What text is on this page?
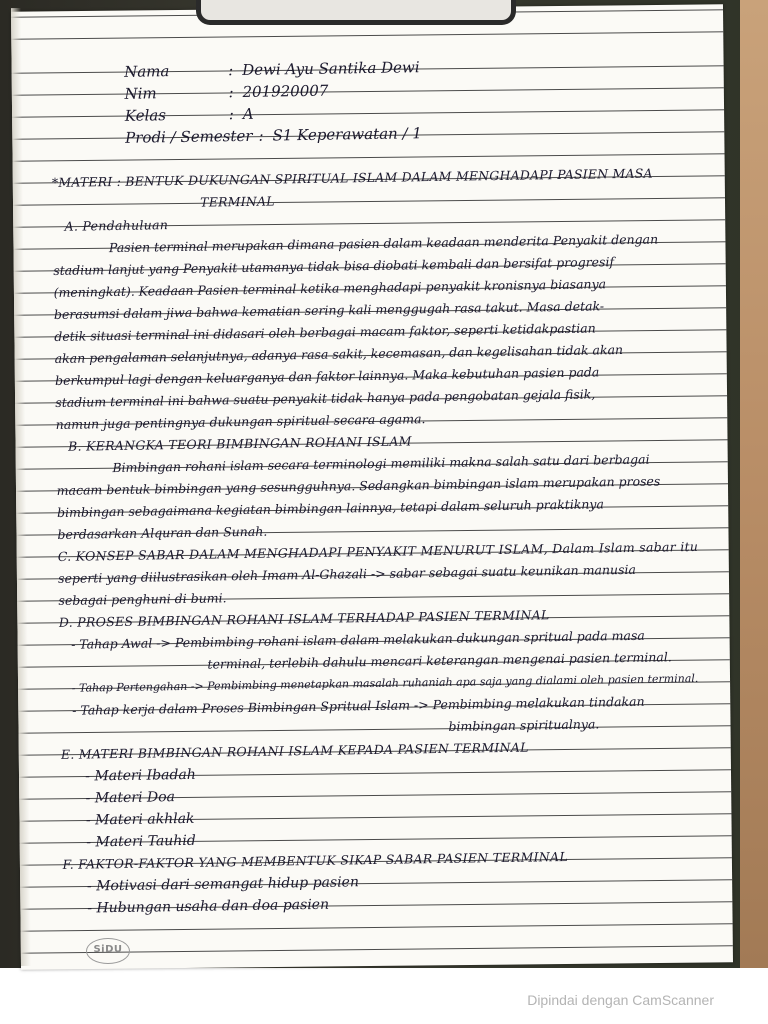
Nama	: Dewi Ayu Santika Dewi
Nim	: 201920007
Kelas	: A
Prodi / Semester : S1 Keperawatan / 1
*MATERI : BENTUK DUKUNGAN SPIRITUAL ISLAM DALAM MENGHADAPI PASIEN MASA
TERMINAL
A. Pendahuluan
Pasien terminal merupakan dimana pasien dalam keadaan menderita Penyakit dengan
stadium lanjut yang Penyakit utamanya tidak bisa diobati kembali dan bersifat progresif
(meningkat). Keadaan Pasien terminal ketika menghadapi penyakit kronisnya biasanya
berasumsi dalam jiwa bahwa kematian sering kali menggugah rasa takut. Masa detak-
detik situasi terminal ini didasari oleh berbagai macam faktor, seperti ketidakpastian
akan pengalaman selanjutnya, adanya rasa sakit, kecemasan, dan kegelisahan tidak akan
berkumpul lagi dengan keluarganya dan faktor lainnya. Maka kebutuhan pasien pada
stadium terminal ini bahwa suatu penyakit tidak hanya pada pengobatan gejala fisik,
namun juga pentingnya dukungan spiritual secara agama.
B. KERANGKA TEORI BIMBINGAN ROHANI ISLAM
Bimbingan rohani islam secara terminologi memiliki makna salah satu dari berbagai
macam bentuk bimbingan yang sesungguhnya. Sedangkan bimbingan islam merupakan proses
bimbingan sebagaimana kegiatan bimbingan lainnya, tetapi dalam seluruh praktiknya
berdasarkan Alquran dan Sunah.
C. KONSEP SABAR DALAM MENGHADAPI PENYAKIT MENURUT ISLAM, Dalam Islam sabar itu
seperti yang diilustrasikan oleh Imam Al-Ghazali -> sabar sebagai suatu keunikan manusia
sebagai penghuni di bumi.
D. PROSES BIMBINGAN ROHANI ISLAM TERHADAP PASIEN TERMINAL
- Tahap Awal -> Pembimbing rohani islam dalam melakukan dukungan spritual pada masa
terminal, terlebih dahulu mencari keterangan mengenai pasien terminal.
- Tahap Pertengahan -> Pembimbing menetapkan masalah ruhaniah apa saja yang dialami oleh pasien terminal.
- Tahap kerja dalam Proses Bimbingan Spritual Islam -> Pembimbing melakukan tindakan
bimbingan spiritualnya.
E. MATERI BIMBINGAN ROHANI ISLAM KEPADA PASIEN TERMINAL
- Materi Ibadah
- Materi Doa
- Materi akhlak
- Materi Tauhid
F. FAKTOR-FAKTOR YANG MEMBENTUK SIKAP SABAR PASIEN TERMINAL
- Motivasi dari semangat hidup pasien
- Hubungan usaha dan doa pasien
SiDU
Dipindai dengan CamScanner
